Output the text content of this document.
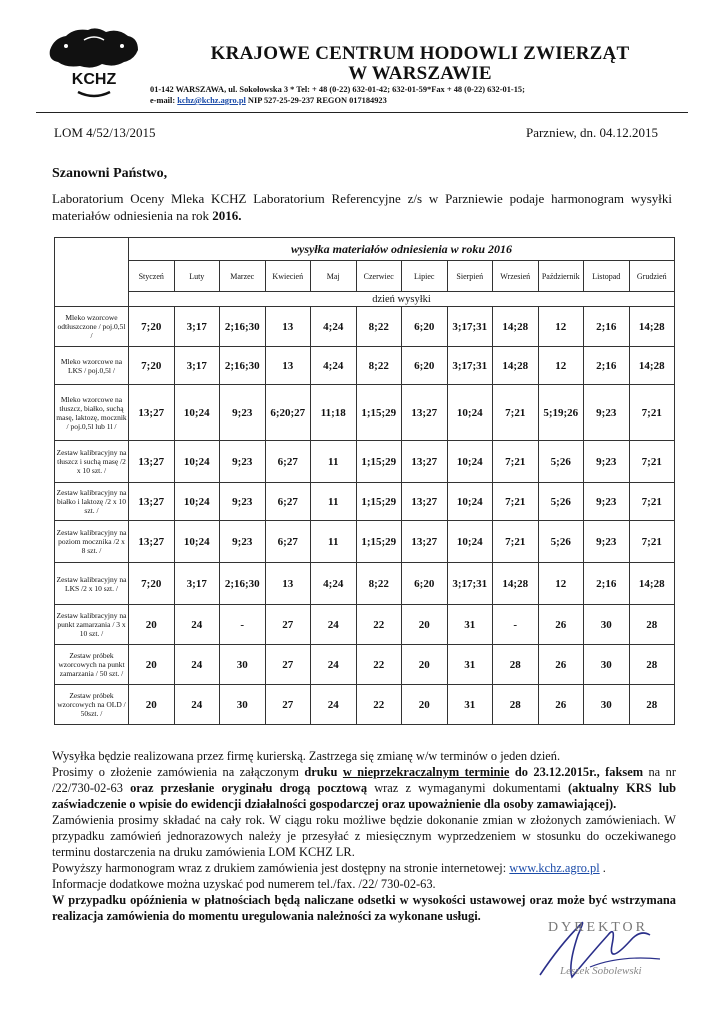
KCHZ
KRAJOWE CENTRUM HODOWLI ZWIERZĄT
W WARSZAWIE
01-142 WARSZAWA, ul. Sokołowska 3 * Tel: + 48 (0-22) 632-01-42; 632-01-59*Fax + 48 (0-22) 632-01-15;
e-mail: kchz@kchz.agro.pl NIP 527-25-29-237 REGON 017184923
LOM 4/52/13/2015	Parzniew, dn. 04.12.2015
Szanowni Państwo,
Laboratorium Oceny Mleka KCHZ Laboratorium Referencyjne z/s w Parzniewie podaje harmonogram wysyłki materiałów odniesienia na rok 2016.
	wysyłka materiałów odniesienia w roku 2016											
	Styczeń	Luty	Marzec	Kwiecień	Maj	Czerwiec	Lipiec	Sierpień	Wrzesień	Październik	Listopad	Grudzień
	dzień wysyłki											
Mleko wzorcowe odtłuszczone / poj.0,5l /	7;20	3;17	2;16;30	13	4;24	8;22	6;20	3;17;31	14;28	12	2;16	14;28
Mleko wzorcowe na LKS / poj.0,5l /	7;20	3;17	2;16;30	13	4;24	8;22	6;20	3;17;31	14;28	12	2;16	14;28
Mleko wzorcowe na tłuszcz, białko, suchą masę, laktozę, mocznik / poj.0,5l lub 1l /	13;27	10;24	9;23	6;20;27	11;18	1;15;29	13;27	10;24	7;21	5;19;26	9;23	7;21
Zestaw kalibracyjny na tłuszcz i suchą masę /2 x 10 szt. /	13;27	10;24	9;23	6;27	11	1;15;29	13;27	10;24	7;21	5;26	9;23	7;21
Zestaw kalibracyjny na białko i laktozę /2 x 10 szt. /	13;27	10;24	9;23	6;27	11	1;15;29	13;27	10;24	7;21	5;26	9;23	7;21
Zestaw kalibracyjny na poziom mocznika /2 x 8 szt. /	13;27	10;24	9;23	6;27	11	1;15;29	13;27	10;24	7;21	5;26	9;23	7;21
Zestaw kalibracyjny na LKS /2 x 10 szt. /	7;20	3;17	2;16;30	13	4;24	8;22	6;20	3;17;31	14;28	12	2;16	14;28
Zestaw kalibracyjny na punkt zamarzania / 3 x 10 szt. /	20	24	-	27	24	22	20	31	-	26	30	28
Zestaw próbek wzorcowych na punkt zamarzania / 50 szt. /	20	24	30	27	24	22	20	31	28	26	30	28
Zestaw próbek wzorcowych na OLD / 50szt. /	20	24	30	27	24	22	20	31	28	26	30	28

Wysyłka będzie realizowana przez firmę kurierską. Zastrzega się zmianę w/w terminów o jeden dzień.

Prosimy o złożenie zamówienia na załączonym druku w nieprzekraczalnym terminie do 23.12.2015r., faksem na nr /22/730-02-63 oraz przesłanie oryginału drogą pocztową wraz z wymaganymi dokumentami (aktualny KRS lub zaświadczenie o wpisie do ewidencji działalności gospodarczej oraz upoważnienie dla osoby zamawiającej).

Zamówienia prosimy składać na cały rok. W ciągu roku możliwe będzie dokonanie zmian w złożonych zamówieniach. W przypadku zamówień jednorazowych należy je przesyłać z miesięcznym wyprzedzeniem w stosunku do oczekiwanego terminu dostarczenia na druku zamówienia LOM KCHZ LR.

Powyższy harmonogram wraz z drukiem zamówienia jest dostępny na stronie internetowej: www.kchz.agro.pl .

Informacje dodatkowe można uzyskać pod numerem tel./fax. /22/ 730-02-63.

W przypadku opóźnienia w płatnościach będą naliczane odsetki w wysokości ustawowej oraz może być wstrzymana realizacja zamówienia do momentu uregulowania należności za wykonane usługi.

DYREKTOR
Leszek Sobolewski
